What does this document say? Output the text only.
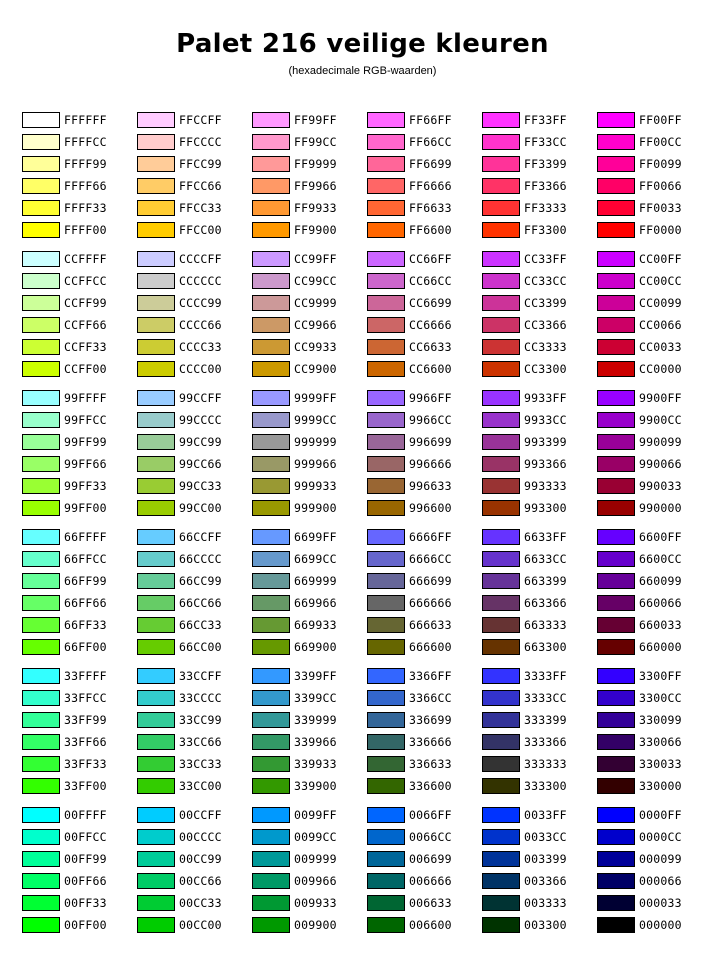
Palet 216 veilige kleuren
(hexadecimale RGB-waarden)
FFFFFF	FFCCFF	FF99FF	FF66FF	FF33FF	FF00FF
FFFFCC	FFCCCC	FF99CC	FF66CC	FF33CC	FF00CC
FFFF99	FFCC99	FF9999	FF6699	FF3399	FF0099
FFFF66	FFCC66	FF9966	FF6666	FF3366	FF0066
FFFF33	FFCC33	FF9933	FF6633	FF3333	FF0033
FFFF00	FFCC00	FF9900	FF6600	FF3300	FF0000
CCFFFF	CCCCFF	CC99FF	CC66FF	CC33FF	CC00FF
CCFFCC	CCCCCC	CC99CC	CC66CC	CC33CC	CC00CC
CCFF99	CCCC99	CC9999	CC6699	CC3399	CC0099
CCFF66	CCCC66	CC9966	CC6666	CC3366	CC0066
CCFF33	CCCC33	CC9933	CC6633	CC3333	CC0033
CCFF00	CCCC00	CC9900	CC6600	CC3300	CC0000
99FFFF	99CCFF	9999FF	9966FF	9933FF	9900FF
99FFCC	99CCCC	9999CC	9966CC	9933CC	9900CC
99FF99	99CC99	999999	996699	993399	990099
99FF66	99CC66	999966	996666	993366	990066
99FF33	99CC33	999933	996633	993333	990033
99FF00	99CC00	999900	996600	993300	990000
66FFFF	66CCFF	6699FF	6666FF	6633FF	6600FF
66FFCC	66CCCC	6699CC	6666CC	6633CC	6600CC
66FF99	66CC99	669999	666699	663399	660099
66FF66	66CC66	669966	666666	663366	660066
66FF33	66CC33	669933	666633	663333	660033
66FF00	66CC00	669900	666600	663300	660000
33FFFF	33CCFF	3399FF	3366FF	3333FF	3300FF
33FFCC	33CCCC	3399CC	3366CC	3333CC	3300CC
33FF99	33CC99	339999	336699	333399	330099
33FF66	33CC66	339966	336666	333366	330066
33FF33	33CC33	339933	336633	333333	330033
33FF00	33CC00	339900	336600	333300	330000
00FFFF	00CCFF	0099FF	0066FF	0033FF	0000FF
00FFCC	00CCCC	0099CC	0066CC	0033CC	0000CC
00FF99	00CC99	009999	006699	003399	000099
00FF66	00CC66	009966	006666	003366	000066
00FF33	00CC33	009933	006633	003333	000033
00FF00	00CC00	009900	006600	003300	000000
